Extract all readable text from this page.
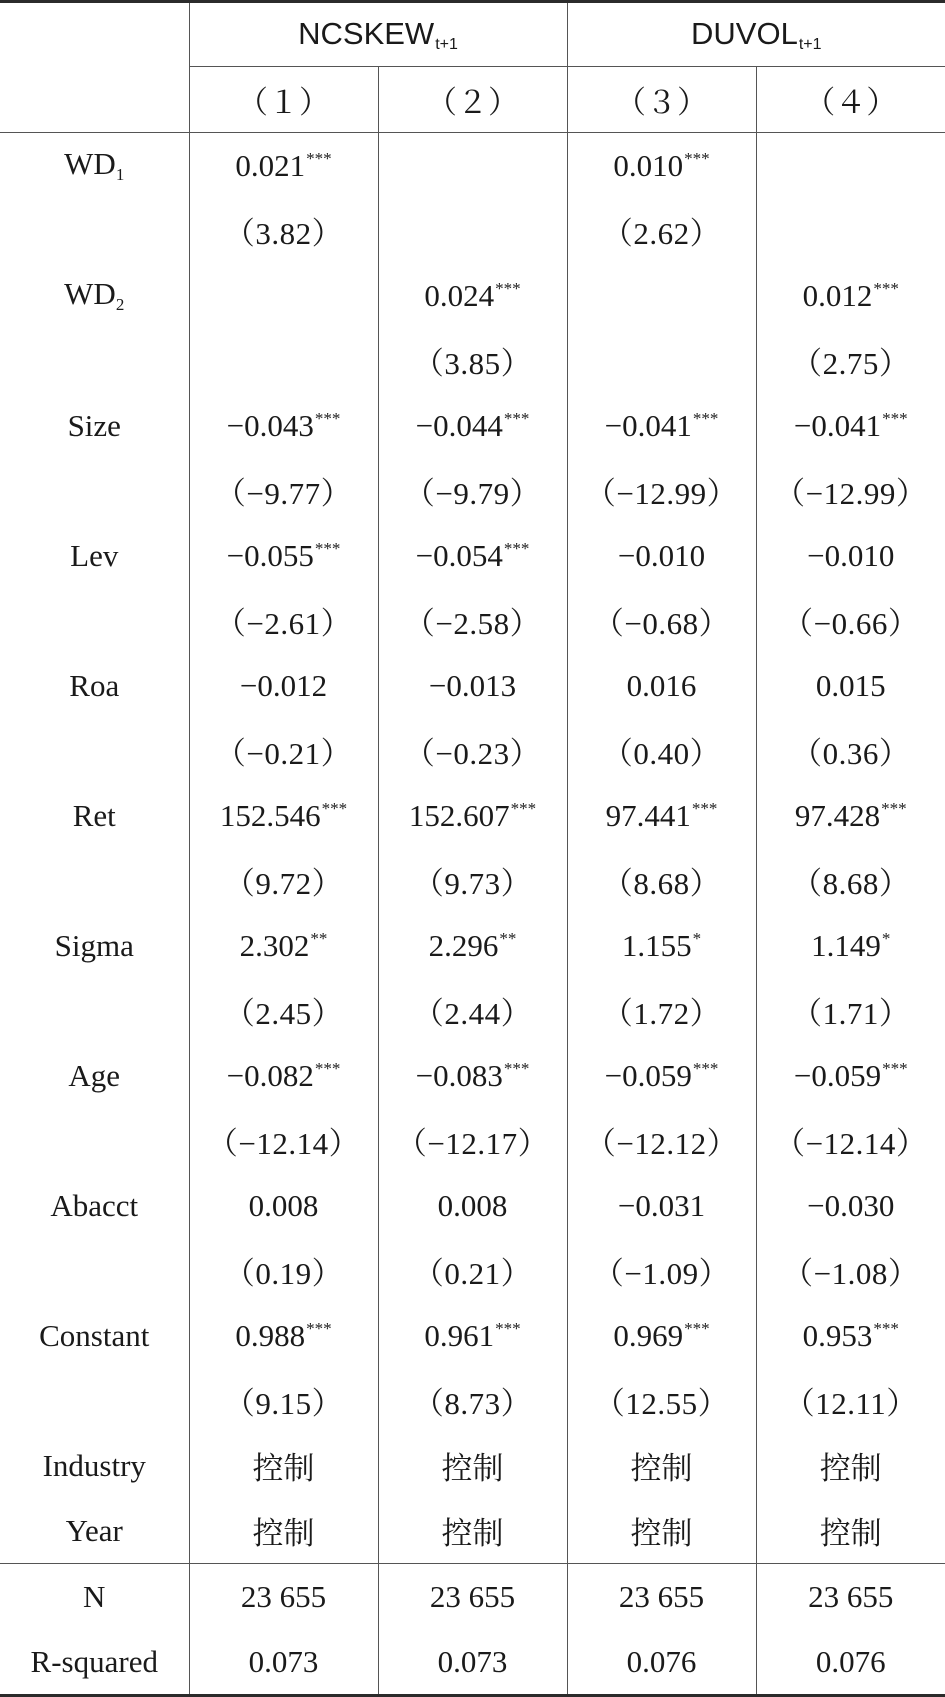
	$NCSKEW_{t+1}$		$DUVOL_{t+1}$
	（１）	（２）	（３）	（４）
$WD_1$	0.021***		0.010***	
	（3.82）		（2.62）	
$WD_2$		0.024***		0.012***
		（3.85）		（2.75）
Size	−0.043***	−0.044***	−0.041***	−0.041***
	（−9.77）	（−9.79）	（−12.99）	（−12.99）
Lev	−0.055***	−0.054***	−0.010	−0.010
	（−2.61）	（−2.58）	（−0.68）	（−0.66）
Roa	−0.012	−0.013	0.016	0.015
	（−0.21）	（−0.23）	（0.40）	（0.36）
Ret	152.546***	152.607***	97.441***	97.428***
	（9.72）	（9.73）	（8.68）	（8.68）
Sigma	2.302**	2.296**	1.155*	1.149*
	（2.45）	（2.44）	（1.72）	（1.71）
Age	−0.082***	−0.083***	−0.059***	−0.059***
	（−12.14）	（−12.17）	（−12.12）	（−12.14）
Abacct	0.008	0.008	−0.031	−0.030
	（0.19）	（0.21）	（−1.09）	（−1.08）
Constant	0.988***	0.961***	0.969***	0.953***
	（9.15）	（8.73）	（12.55）	（12.11）
Industry	控制	控制	控制	控制
Year	控制	控制	控制	控制
N	23 655	23 655	23 655	23 655
R-squared	0.073	0.073	0.076	0.076
